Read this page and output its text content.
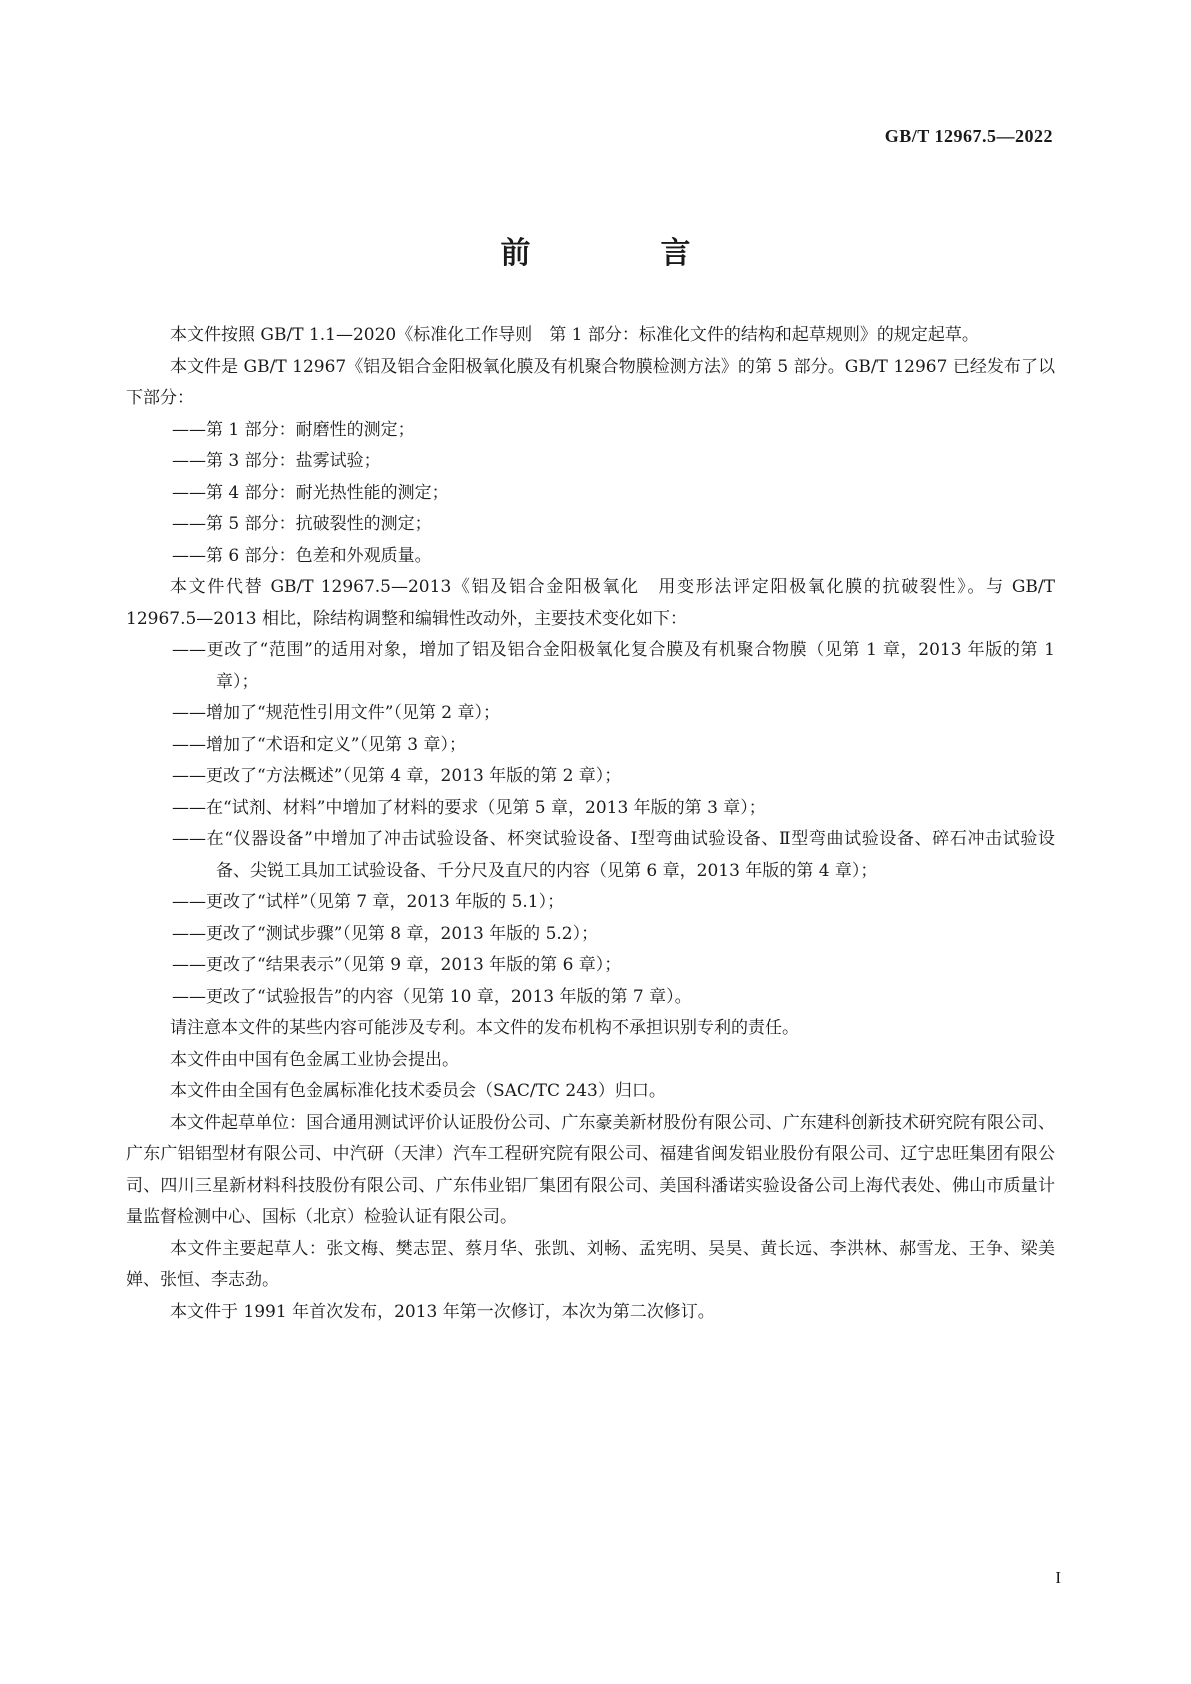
GB/T 12967.5—2022
前　言

本文件按照 GB/T 1.1—2020《标准化工作导则　第 1 部分：标准化文件的结构和起草规则》的规定起草。

本文件是 GB/T 12967《铝及铝合金阳极氧化膜及有机聚合物膜检测方法》的第 5 部分。GB/T 12967 已经发布了以下部分：

——第 1 部分：耐磨性的测定；

——第 3 部分：盐雾试验；

——第 4 部分：耐光热性能的测定；

——第 5 部分：抗破裂性的测定；

——第 6 部分：色差和外观质量。

本文件代替 GB/T 12967.5—2013《铝及铝合金阳极氧化　用变形法评定阳极氧化膜的抗破裂性》。与 GB/T 12967.5—2013 相比，除结构调整和编辑性改动外，主要技术变化如下：

——更改了“范围”的适用对象，增加了铝及铝合金阳极氧化复合膜及有机聚合物膜（见第 1 章，2013 年版的第 1 章）；

——增加了“规范性引用文件”（见第 2 章）；

——增加了“术语和定义”（见第 3 章）；

——更改了“方法概述”（见第 4 章，2013 年版的第 2 章）；

——在“试剂、材料”中增加了材料的要求（见第 5 章，2013 年版的第 3 章）；

——在“仪器设备”中增加了冲击试验设备、杯突试验设备、Ⅰ型弯曲试验设备、Ⅱ型弯曲试验设备、碎石冲击试验设备、尖锐工具加工试验设备、千分尺及直尺的内容（见第 6 章，2013 年版的第 4 章）；

——更改了“试样”（见第 7 章，2013 年版的 5.1）；

——更改了“测试步骤”（见第 8 章，2013 年版的 5.2）；

——更改了“结果表示”（见第 9 章，2013 年版的第 6 章）；

——更改了“试验报告”的内容（见第 10 章，2013 年版的第 7 章）。

请注意本文件的某些内容可能涉及专利。本文件的发布机构不承担识别专利的责任。

本文件由中国有色金属工业协会提出。

本文件由全国有色金属标准化技术委员会（SAC/TC 243）归口。

本文件起草单位：国合通用测试评价认证股份公司、广东豪美新材股份有限公司、广东建科创新技术研究院有限公司、广东广铝铝型材有限公司、中汽研（天津）汽车工程研究院有限公司、福建省闽发铝业股份有限公司、辽宁忠旺集团有限公司、四川三星新材料科技股份有限公司、广东伟业铝厂集团有限公司、美国科潘诺实验设备公司上海代表处、佛山市质量计量监督检测中心、国标（北京）检验认证有限公司。

本文件主要起草人：张文梅、樊志罡、蔡月华、张凯、刘畅、孟宪明、吴昊、黄长远、李洪林、郝雪龙、王争、梁美婵、张恒、李志劲。

本文件于 1991 年首次发布，2013 年第一次修订，本次为第二次修订。

I
